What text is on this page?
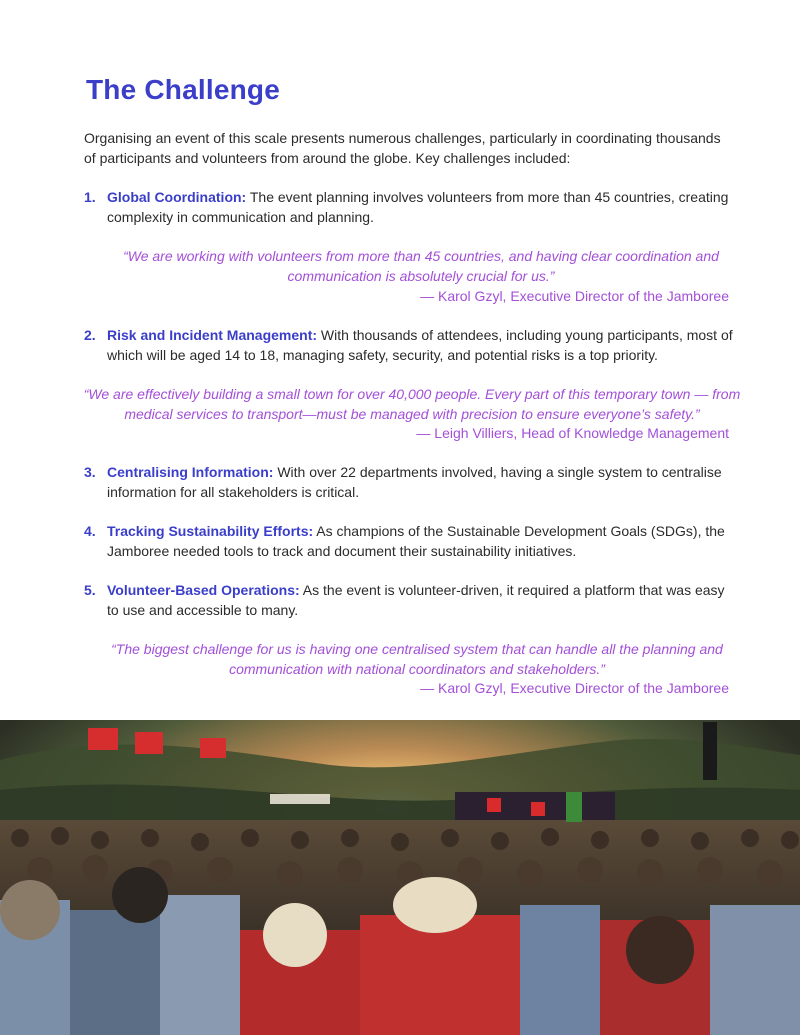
The Challenge

Organising an event of this scale presents numerous challenges, particularly in coordinating thousands of participants and volunteers from around the globe. Key challenges included:

1. Global Coordination: The event planning involves volunteers from more than 45 countries, creating complexity in communication and planning.
“We are working with volunteers from more than 45 countries, and having clear coordination and communication is absolutely crucial for us.”
— Karol Gzyl, Executive Director of the Jamboree
2. Risk and Incident Management: With thousands of attendees, including young participants, most of which will be aged 14 to 18, managing safety, security, and potential risks is a top priority.
“We are effectively building a small town for over 40,000 people. Every part of this temporary town — from medical services to transport—must be managed with precision to ensure everyone’s safety.”
— Leigh Villiers, Head of Knowledge Management
3. Centralising Information: With over 22 departments involved, having a single system to centralise information for all stakeholders is critical.
4. Tracking Sustainability Efforts: As champions of the Sustainable Development Goals (SDGs), the Jamboree needed tools to track and document their sustainability initiatives.
5. Volunteer-Based Operations: As the event is volunteer-driven, it required a platform that was easy to use and accessible to many.
“The biggest challenge for us is having one centralised system that can handle all the planning and communication with national coordinators and stakeholders.”
— Karol Gzyl, Executive Director of the Jamboree
